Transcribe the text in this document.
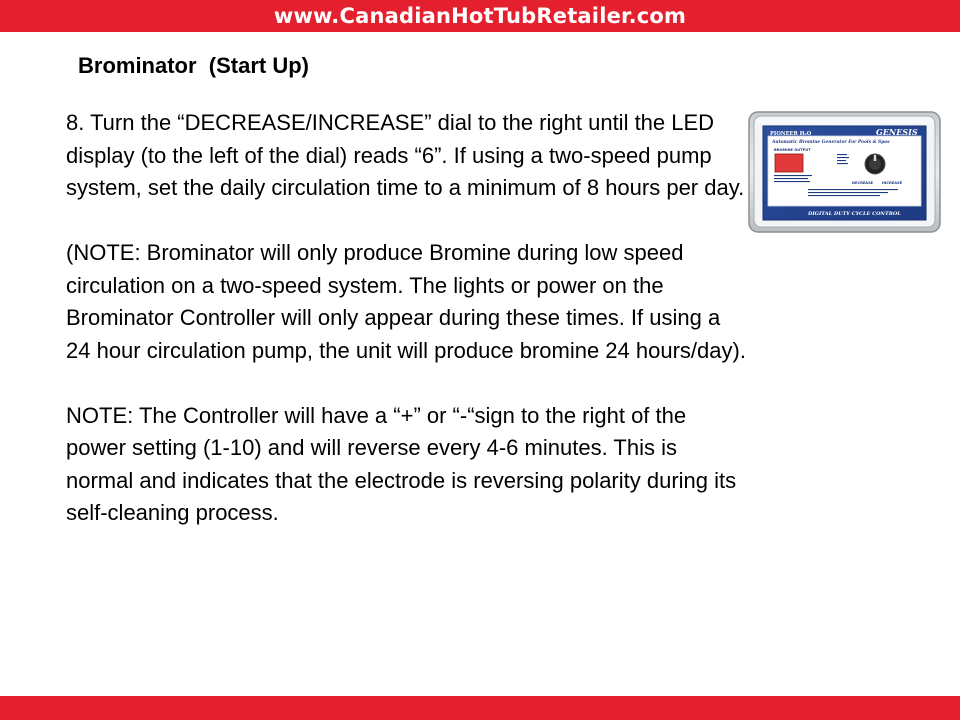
www.CanadianHotTubRetailer.com
Brominator  (Start Up)

8. Turn the “DECREASE/INCREASE” dial to the right until the LED display (to the left of the dial) reads “6”. If using a two-speed pump system, set the daily circulation time to a minimum of 8 hours per day.

(NOTE: Brominator will only produce Bromine during low speed circulation on a two-speed system. The lights or power on the Brominator Controller will only appear during these times. If using a 24 hour circulation pump, the unit will produce bromine 24 hours/day).

NOTE: The Controller will have a “+” or “-“sign to the right of the power setting (1-10) and will reverse every 4-6 minutes. This is normal and indicates that the electrode is reversing polarity during its self-cleaning process.

PIONEER H₂O	GENESIS
Automatic Bromine Generator For Pools & Spas
BROMINE OUTPUT
DECREASE INCREASE
DIGITAL DUTY CYCLE CONTROL
